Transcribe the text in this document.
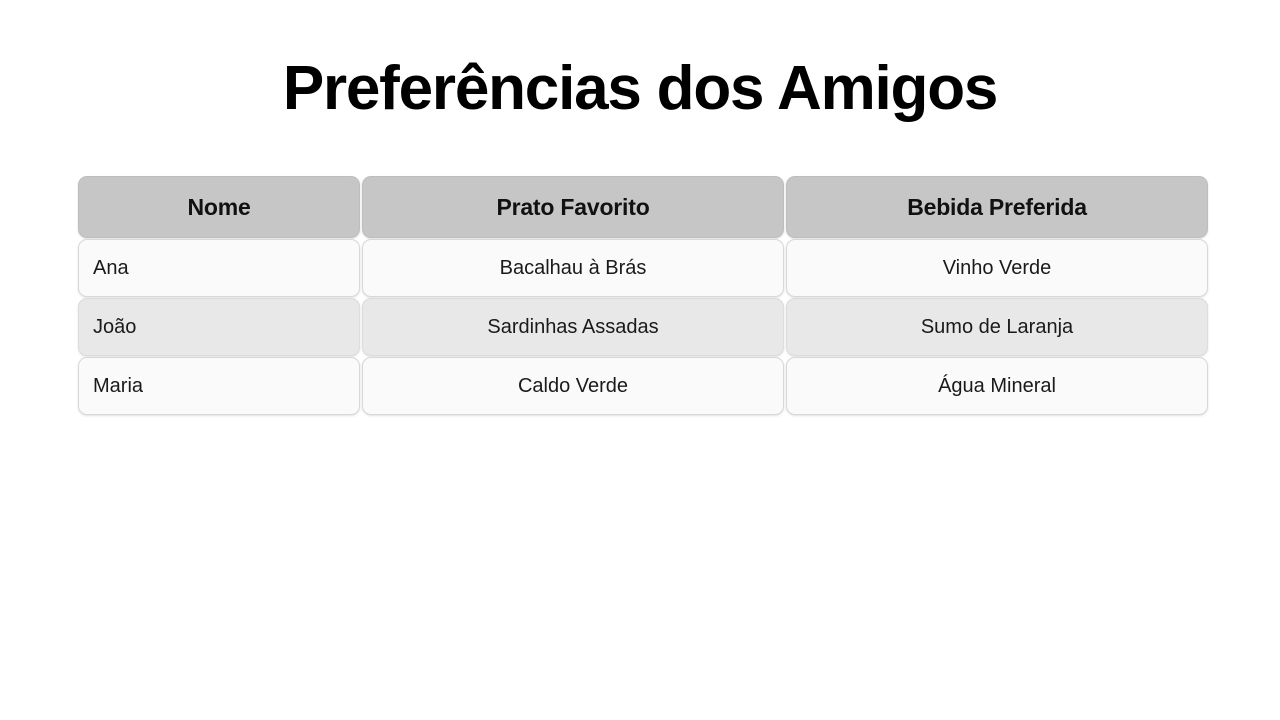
Preferências dos Amigos
Nome	Prato Favorito	Bebida Preferida

Ana	Bacalhau à Brás	Vinho Verde

João	Sardinhas Assadas	Sumo de Laranja

Maria	Caldo Verde	Água Mineral
